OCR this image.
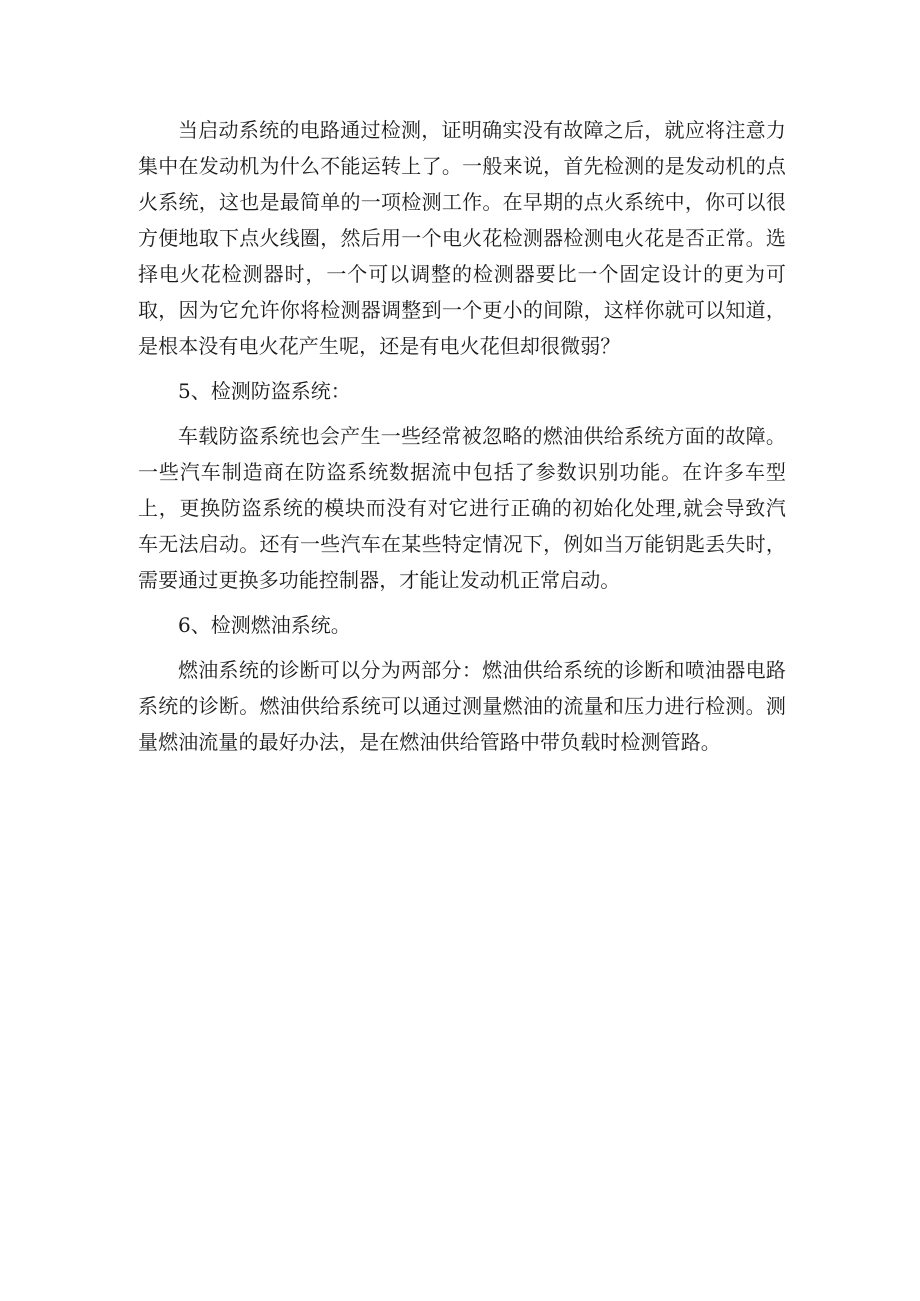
当启动系统的电路通过检测，证明确实没有故障之后，就应将注意力集中在发动机为什么不能运转上了。一般来说，首先检测的是发动机的点火系统，这也是最简单的一项检测工作。在早期的点火系统中，你可以很方便地取下点火线圈，然后用一个电火花检测器检测电火花是否正常。选择电火花检测器时，一个可以调整的检测器要比一个固定设计的更为可取，因为它允许你将检测器调整到一个更小的间隙，这样你就可以知道，是根本没有电火花产生呢，还是有电火花但却很微弱？

5、检测防盗系统：

车载防盗系统也会产生一些经常被忽略的燃油供给系统方面的故障。一些汽车制造商在防盗系统数据流中包括了参数识别功能。在许多车型上，更换防盗系统的模块而没有对它进行正确的初始化处理,就会导致汽车无法启动。还有一些汽车在某些特定情况下，例如当万能钥匙丢失时，需要通过更换多功能控制器，才能让发动机正常启动。

6、检测燃油系统。

燃油系统的诊断可以分为两部分：燃油供给系统的诊断和喷油器电路系统的诊断。燃油供给系统可以通过测量燃油的流量和压力进行检测。测量燃油流量的最好办法，是在燃油供给管路中带负载时检测管路。
